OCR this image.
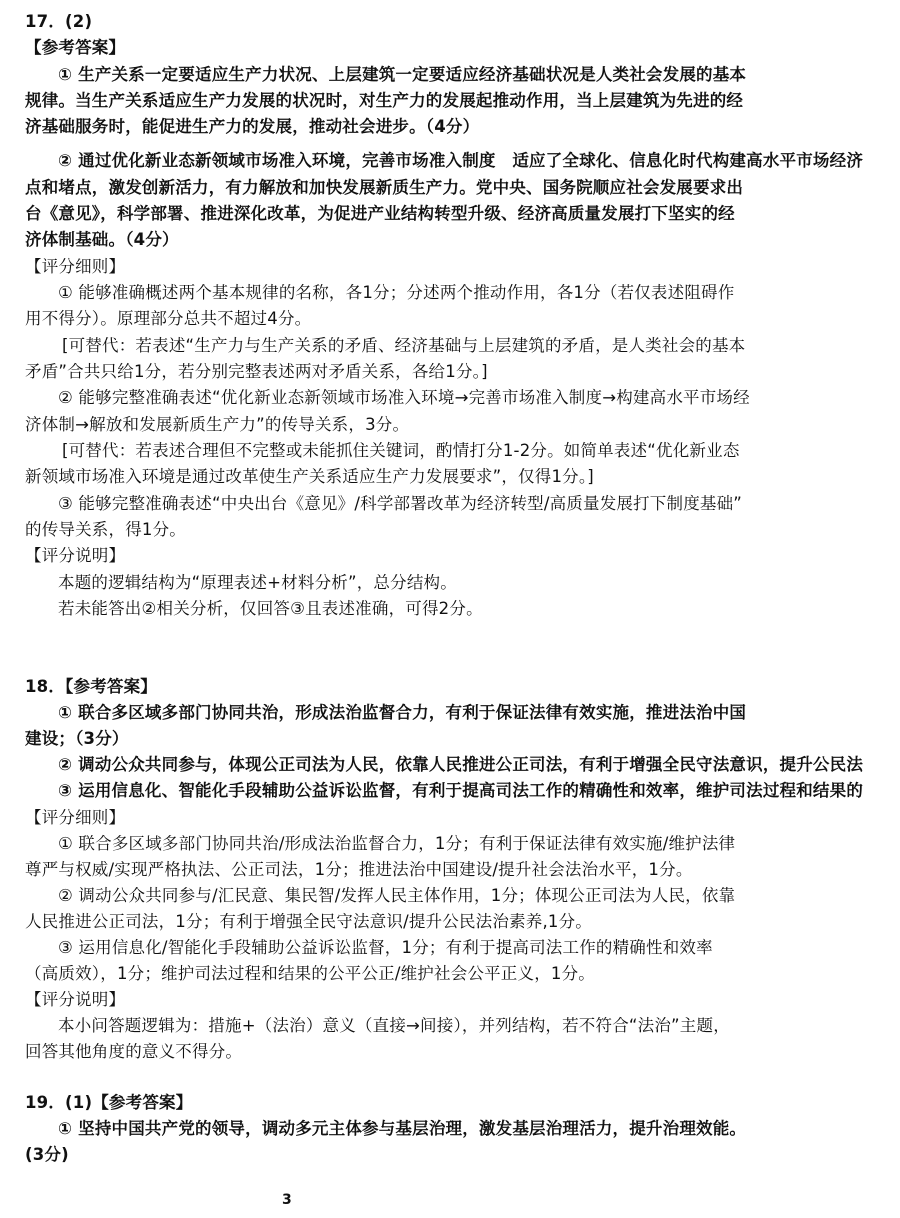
17．(2)
【参考答案】
① 生产关系一定要适应生产力状况、上层建筑一定要适应经济基础状况是人类社会发展的基本
规律。当生产关系适应生产力发展的状况时，对生产力的发展起推动作用，当上层建筑为先进的经
济基础服务时，能促进生产力的发展，推动社会进步。（4分）
② 通过优化新业态新领域市场准入环境，完善市场准入制度　适应了全球化、信息化时代构建高水平市场经济
点和堵点，激发创新活力，有力解放和加快发展新质生产力。党中央、国务院顺应社会发展要求出
台《意见》，科学部署、推进深化改革，为促进产业结构转型升级、经济高质量发展打下坚实的经
济体制基础。（4分）
【评分细则】
① 能够准确概述两个基本规律的名称，各1分；分述两个推动作用，各1分（若仅表述阻碍作
用不得分）。原理部分总共不超过4分。
[可替代：若表述“生产力与生产关系的矛盾、经济基础与上层建筑的矛盾，是人类社会的基本
矛盾”合共只给1分，若分别完整表述两对矛盾关系，各给1分。]
② 能够完整准确表述“优化新业态新领域市场准入环境→完善市场准入制度→构建高水平市场经
济体制→解放和发展新质生产力”的传导关系，3分。
[可替代：若表述合理但不完整或未能抓住关键词，酌情打分1-2分。如简单表述“优化新业态
新领域市场准入环境是通过改革使生产关系适应生产力发展要求”，仅得1分。]
③ 能够完整准确表述“中央出台《意见》/科学部署改革为经济转型/高质量发展打下制度基础”
的传导关系，得1分。
【评分说明】
本题的逻辑结构为“原理表述+材料分析”，总分结构。
若未能答出②相关分析，仅回答③且表述准确，可得2分。
18．【参考答案】
① 联合多区域多部门协同共治，形成法治监督合力，有利于保证法律有效实施，推进法治中国
建设；（3分）
② 调动公众共同参与，体现公正司法为人民，依靠人民推进公正司法，有利于增强全民守法意识，提升公民法
③ 运用信息化、智能化手段辅助公益诉讼监督，有利于提高司法工作的精确性和效率，维护司法过程和结果的
【评分细则】
① 联合多区域多部门协同共治/形成法治监督合力，1分；有利于保证法律有效实施/维护法律
尊严与权威/实现严格执法、公正司法，1分；推进法治中国建设/提升社会法治水平，1分。
② 调动公众共同参与/汇民意、集民智/发挥人民主体作用，1分；体现公正司法为人民，依靠
人民推进公正司法，1分；有利于增强全民守法意识/提升公民法治素养,1分。
③ 运用信息化/智能化手段辅助公益诉讼监督，1分；有利于提高司法工作的精确性和效率
（高质效），1分；维护司法过程和结果的公平公正/维护社会公平正义，1分。
【评分说明】
本小问答题逻辑为：措施+（法治）意义（直接→间接），并列结构，若不符合“法治”主题，
回答其他角度的意义不得分。
19．(1)【参考答案】
① 坚持中国共产党的领导，调动多元主体参与基层治理，激发基层治理活力，提升治理效能。
(3分)
3
